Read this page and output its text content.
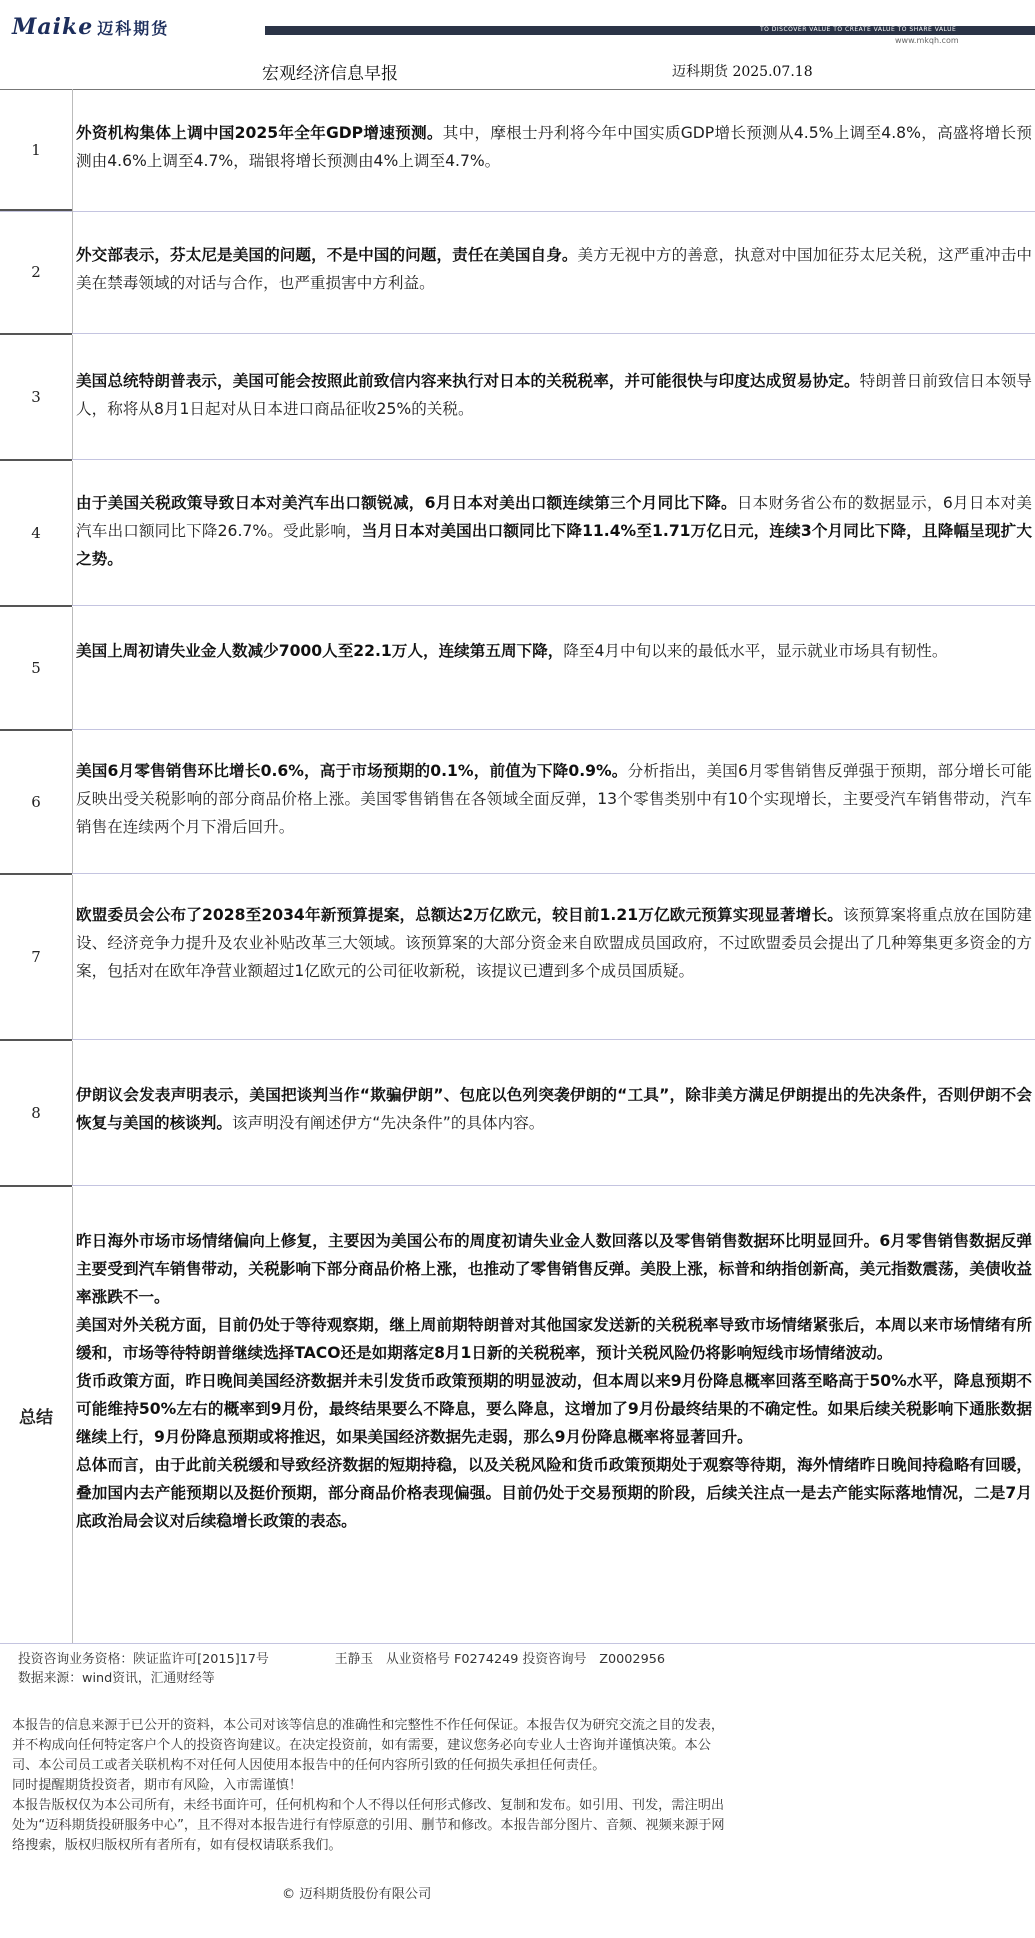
Maike 迈科期货	TO DISCOVER VALUE TO CREATE VALUE TO SHARE VALUE
www.mkqh.com
宏观经济信息早报	迈科期货 2025.07.18
1
外资机构集体上调中国2025年全年GDP增速预测。其中，摩根士丹利将今年中国实质GDP增长预测从4.5%上调至4.8%，高盛将增长预测由4.6%上调至4.7%，瑞银将增长预测由4%上调至4.7%。
2
外交部表示，芬太尼是美国的问题，不是中国的问题，责任在美国自身。美方无视中方的善意，执意对中国加征芬太尼关税，这严重冲击中美在禁毒领域的对话与合作，也严重损害中方利益。
3
美国总统特朗普表示，美国可能会按照此前致信内容来执行对日本的关税税率，并可能很快与印度达成贸易协定。特朗普日前致信日本领导人，称将从8月1日起对从日本进口商品征收25%的关税。
4
由于美国关税政策导致日本对美汽车出口额锐减，6月日本对美出口额连续第三个月同比下降。日本财务省公布的数据显示，6月日本对美汽车出口额同比下降26.7%。受此影响，当月日本对美国出口额同比下降11.4%至1.71万亿日元，连续3个月同比下降，且降幅呈现扩大之势。
5
美国上周初请失业金人数减少7000人至22.1万人，连续第五周下降，降至4月中旬以来的最低水平，显示就业市场具有韧性。
6
美国6月零售销售环比增长0.6%，高于市场预期的0.1%，前值为下降0.9%。分析指出，美国6月零售销售反弹强于预期，部分增长可能反映出受关税影响的部分商品价格上涨。美国零售销售在各领域全面反弹，13个零售类别中有10个实现增长，主要受汽车销售带动，汽车销售在连续两个月下滑后回升。
7
欧盟委员会公布了2028至2034年新预算提案，总额达2万亿欧元，较目前1.21万亿欧元预算实现显著增长。该预算案将重点放在国防建设、经济竞争力提升及农业补贴改革三大领域。该预算案的大部分资金来自欧盟成员国政府，不过欧盟委员会提出了几种筹集更多资金的方案，包括对在欧年净营业额超过1亿欧元的公司征收新税，该提议已遭到多个成员国质疑。
8
伊朗议会发表声明表示，美国把谈判当作“欺骗伊朗”、包庇以色列突袭伊朗的“工具”，除非美方满足伊朗提出的先决条件，否则伊朗不会恢复与美国的核谈判。该声明没有阐述伊方“先决条件”的具体内容。
总结

昨日海外市场市场情绪偏向上修复，主要因为美国公布的周度初请失业金人数回落以及零售销售数据环比明显回升。6月零售销售数据反弹主要受到汽车销售带动，关税影响下部分商品价格上涨，也推动了零售销售反弹。美股上涨，标普和纳指创新高，美元指数震荡，美债收益率涨跌不一。

美国对外关税方面，目前仍处于等待观察期，继上周前期特朗普对其他国家发送新的关税税率导致市场情绪紧张后，本周以来市场情绪有所缓和，市场等待特朗普继续选择TACO还是如期落定8月1日新的关税税率，预计关税风险仍将影响短线市场情绪波动。

货币政策方面，昨日晚间美国经济数据并未引发货币政策预期的明显波动，但本周以来9月份降息概率回落至略高于50%水平，降息预期不可能维持50%左右的概率到9月份，最终结果要么不降息，要么降息，这增加了9月份最终结果的不确定性。如果后续关税影响下通胀数据继续上行，9月份降息预期或将推迟，如果美国经济数据先走弱，那么9月份降息概率将显著回升。

总体而言，由于此前关税缓和导致经济数据的短期持稳，以及关税风险和货币政策预期处于观察等待期，海外情绪昨日晚间持稳略有回暖，叠加国内去产能预期以及挺价预期，部分商品价格表现偏强。目前仍处于交易预期的阶段，后续关注点一是去产能实际落地情况，二是7月底政治局会议对后续稳增长政策的表态。

投资咨询业务资格：陕证监许可[2015]17号	王静玉　从业资格号 F0274249 投资咨询号　Z0002956
数据来源：wind资讯，汇通财经等

本报告的信息来源于已公开的资料，本公司对该等信息的准确性和完整性不作任何保证。本报告仅为研究交流之目的发表，并不构成向任何特定客户个人的投资咨询建议。在决定投资前，如有需要，建议您务必向专业人士咨询并谨慎决策。本公司、本公司员工或者关联机构不对任何人因使用本报告中的任何内容所引致的任何损失承担任何责任。

同时提醒期货投资者，期市有风险，入市需谨慎！

本报告版权仅为本公司所有，未经书面许可，任何机构和个人不得以任何形式修改、复制和发布。如引用、刊发，需注明出处为“迈科期货投研服务中心”，且不得对本报告进行有悖原意的引用、删节和修改。本报告部分图片、音频、视频来源于网络搜索，版权归版权所有者所有，如有侵权请联系我们。

© 迈科期货股份有限公司
